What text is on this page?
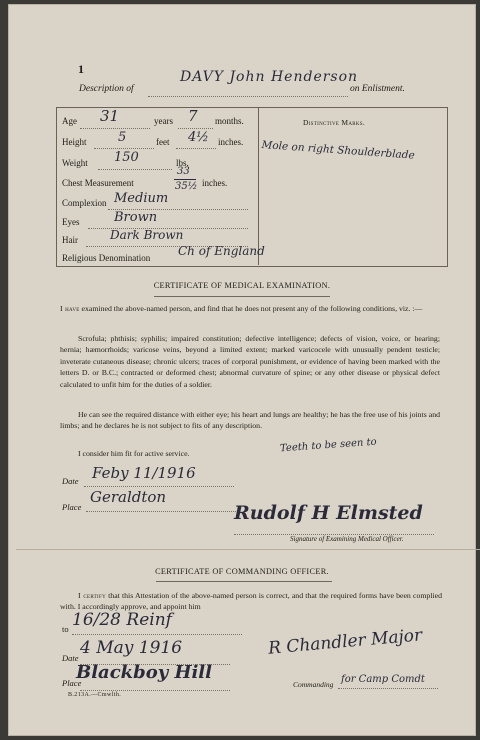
1
Description of
DAVY John Henderson
on Enlistment.
Age 31	years 7 months.
Height 5	feet 4½ inches.
Weight 150	lbs.
Chest Measurement
33
35½ inches.
Complexion Medium
Eyes	Brown
Hair	Dark Brown
Religious Denomination Ch of England
Distinctive Marks.
Mole on right Shoulderblade
CERTIFICATE OF MEDICAL EXAMINATION.
I have examined the above-named person, and find that he does not present any of the following conditions, viz. :—
Scrofula; phthisis; syphilis; impaired constitution; defective intelligence; defects of vision, voice, or hearing; hernia; hæmorrhoids; varicose veins, beyond a limited extent; marked varicocele with unusually pendent testicle; inveterate cutaneous disease; chronic ulcers; traces of corporal punishment, or evidence of having been marked with the letters D. or B.C.; contracted or deformed chest; abnormal curvature of spine; or any other disease or physical defect calculated to unfit him for the duties of a soldier.
He can see the required distance with either eye; his heart and lungs are healthy; he has the free use of his joints and limbs; and he declares he is not subject to fits of any description.
I consider him fit for active service.	Teeth to be seen to
Date Feby 11/1916
Place
Geraldton
Rudolf H Elmsted
Signature of Examining Medical Officer.
CERTIFICATE OF COMMANDING OFFICER.
I certify that this Attestation of the above-named person is correct, and that the required forms have been complied with. I accordingly approve, and appoint him
to 16/28 Reinf
Date 4 May 1916	R Chandler Major
Place
Blackboy Hill
Commanding for Camp Comdt
B.213A.—Cmwlth.
